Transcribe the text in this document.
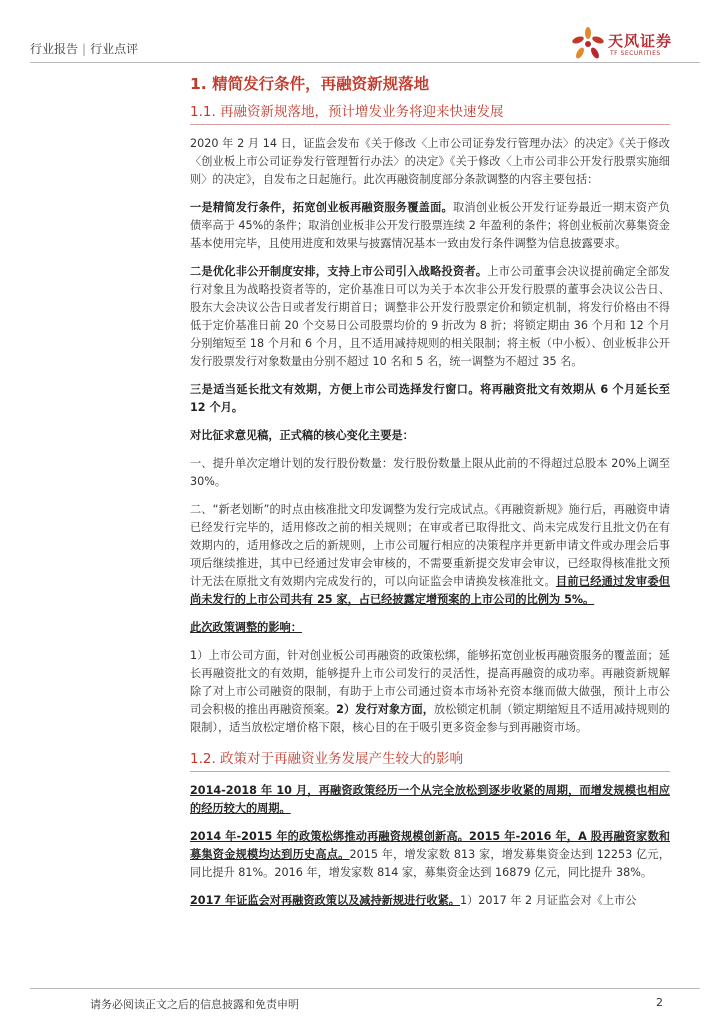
行业报告 | 行业点评	天风证券
TF SECURITIES
1. 精简发行条件，再融资新规落地
1.1. 再融资新规落地，预计增发业务将迎来快速发展

2020 年 2 月 14 日，证监会发布《关于修改〈上市公司证券发行管理办法〉的决定》《关于修改〈创业板上市公司证券发行管理暂行办法〉的决定》《关于修改〈上市公司非公开发行股票实施细则〉的决定》，自发布之日起施行。此次再融资制度部分条款调整的内容主要包括：

一是精简发行条件，拓宽创业板再融资服务覆盖面。取消创业板公开发行证券最近一期末资产负债率高于 45%的条件；取消创业板非公开发行股票连续 2 年盈利的条件；将创业板前次募集资金基本使用完毕，且使用进度和效果与披露情况基本一致由发行条件调整为信息披露要求。

二是优化非公开制度安排，支持上市公司引入战略投资者。上市公司董事会决议提前确定全部发行对象且为战略投资者等的，定价基准日可以为关于本次非公开发行股票的董事会决议公告日、股东大会决议公告日或者发行期首日；调整非公开发行股票定价和锁定机制，将发行价格由不得低于定价基准日前 20 个交易日公司股票均价的 9 折改为 8 折；将锁定期由 36 个月和 12 个月分别缩短至 18 个月和 6 个月，且不适用减持规则的相关限制；将主板（中小板）、创业板非公开发行股票发行对象数量由分别不超过 10 名和 5 名，统一调整为不超过 35 名。

三是适当延长批文有效期，方便上市公司选择发行窗口。将再融资批文有效期从 6 个月延长至 12 个月。

对比征求意见稿，正式稿的核心变化主要是：

一、提升单次定增计划的发行股份数量：发行股份数量上限从此前的不得超过总股本 20%上调至 30%。

二、“新老划断”的时点由核准批文印发调整为发行完成试点。《再融资新规》施行后，再融资申请已经发行完毕的，适用修改之前的相关规则；在审或者已取得批文、尚未完成发行且批文仍在有效期内的，适用修改之后的新规则，上市公司履行相应的决策程序并更新申请文件或办理会后事项后继续推进，其中已经通过发审会审核的，不需要重新提交发审会审议，已经取得核准批文预计无法在原批文有效期内完成发行的，可以向证监会申请换发核准批文。目前已经通过发审委但尚未发行的上市公司共有 25 家，占已经披露定增预案的上市公司的比例为 5%。

此次政策调整的影响：

1）上市公司方面，针对创业板公司再融资的政策松绑，能够拓宽创业板再融资服务的覆盖面；延长再融资批文的有效期，能够提升上市公司发行的灵活性，提高再融资的成功率。再融资新规解除了对上市公司融资的限制，有助于上市公司通过资本市场补充资本继而做大做强，预计上市公司会积极的推出再融资预案。2）发行对象方面，放松锁定机制（锁定期缩短且不适用减持规则的限制），适当放松定增价格下限，核心目的在于吸引更多资金参与到再融资市场。

1.2. 政策对于再融资业务发展产生较大的影响

2014-2018 年 10 月，再融资政策经历一个从完全放松到逐步收紧的周期，而增发规模也相应的经历较大的周期。

2014 年-2015 年的政策松绑推动再融资规模创新高。2015 年-2016 年，A 股再融资家数和募集资金规模均达到历史高点。2015 年，增发家数 813 家，增发募集资金达到 12253 亿元，同比提升 81%。2016 年，增发家数 814 家，募集资金达到 16879 亿元，同比提升 38%。

2017 年证监会对再融资政策以及减持新规进行收紧。1）2017 年 2 月证监会对《上市公

请务必阅读正文之后的信息披露和免责申明	2
